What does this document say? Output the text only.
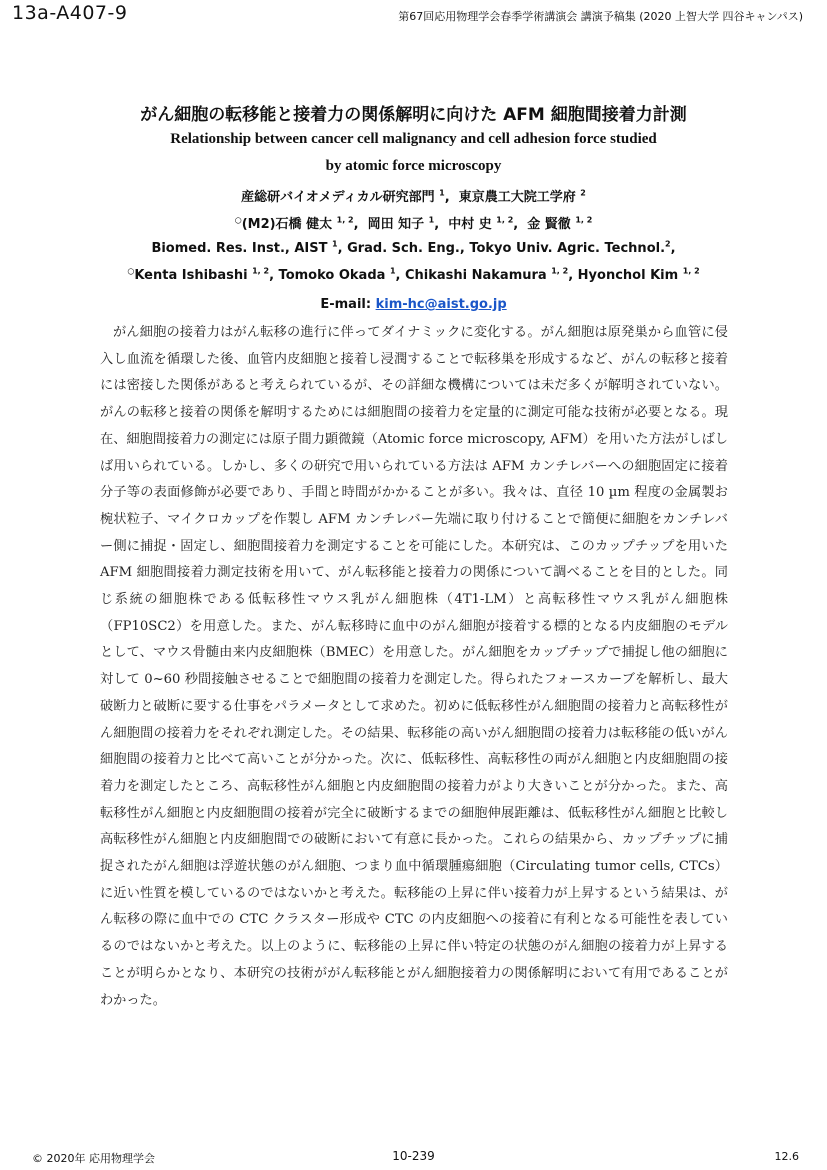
13a-A407-9	第67回応用物理学会春季学術講演会 講演予稿集 (2020 上智大学 四谷キャンパス)
がん細胞の転移能と接着力の関係解明に向けた AFM 細胞間接着力計測
Relationship between cancer cell malignancy and cell adhesion force studied
by atomic force microscopy
産総研バイオメディカル研究部門 $^1$,  東京農工大院工学府 $^2$
○(M2)石橋 健太 $^{1, 2}$,  岡田 知子 $^1$,  中村 史 $^{1, 2}$,  金 賢徹 $^{1, 2}$
Biomed. Res. Inst., AIST $^1$, Grad. Sch. Eng., Tokyo Univ. Agric. Technol.$^2$,
○Kenta Ishibashi $^{1, 2}$, Tomoko Okada $^1$, Chikashi Nakamura $^{1, 2}$, Hyonchol Kim $^{1, 2}$
E-mail: kim-hc@aist.go.jp
がん細胞の接着力はがん転移の進行に伴ってダイナミックに変化する。がん細胞は原発巣から血管に侵入し血流を循環した後、血管内皮細胞と接着し浸潤することで転移巣を形成するなど、がんの転移と接着には密接した関係があると考えられているが、その詳細な機構については未だ多くが解明されていない。がんの転移と接着の関係を解明するためには細胞間の接着力を定量的に測定可能な技術が必要となる。現在、細胞間接着力の測定には原子間力顕微鏡（Atomic force microscopy, AFM）を用いた方法がしばしば用いられている。しかし、多くの研究で用いられている方法は AFM カンチレバーへの細胞固定に接着分子等の表面修飾が必要であり、手間と時間がかかることが多い。我々は、直径 10 µm 程度の金属製お椀状粒子、マイクロカップを作製し AFM カンチレバー先端に取り付けることで簡便に細胞をカンチレバー側に捕捉・固定し、細胞間接着力を測定することを可能にした。本研究は、このカップチップを用いた AFM 細胞間接着力測定技術を用いて、がん転移能と接着力の関係について調べることを目的とした。同じ系統の細胞株である低転移性マウス乳がん細胞株（4T1-LM）と高転移性マウス乳がん細胞株（FP10SC2）を用意した。また、がん転移時に血中のがん細胞が接着する標的となる内皮細胞のモデルとして、マウス骨髄由来内皮細胞株（BMEC）を用意した。がん細胞をカップチップで捕捉し他の細胞に対して 0~60 秒間接触させることで細胞間の接着力を測定した。得られたフォースカーブを解析し、最大破断力と破断に要する仕事をパラメータとして求めた。初めに低転移性がん細胞間の接着力と高転移性がん細胞間の接着力をそれぞれ測定した。その結果、転移能の高いがん細胞間の接着力は転移能の低いがん細胞間の接着力と比べて高いことが分かった。次に、低転移性、高転移性の両がん細胞と内皮細胞間の接着力を測定したところ、高転移性がん細胞と内皮細胞間の接着力がより大きいことが分かった。また、高転移性がん細胞と内皮細胞間の接着が完全に破断するまでの細胞伸展距離は、低転移性がん細胞と比較し高転移性がん細胞と内皮細胞間での破断において有意に長かった。これらの結果から、カップチップに捕捉されたがん細胞は浮遊状態のがん細胞、つまり血中循環腫瘍細胞（Circulating tumor cells, CTCs）に近い性質を模しているのではないかと考えた。転移能の上昇に伴い接着力が上昇するという結果は、がん転移の際に血中での CTC クラスター形成や CTC の内皮細胞への接着に有利となる可能性を表しているのではないかと考えた。以上のように、転移能の上昇に伴い特定の状態のがん細胞の接着力が上昇することが明らかとなり、本研究の技術ががん転移能とがん細胞接着力の関係解明において有用であることがわかった。
© 2020年 応用物理学会	10-239	12.6
